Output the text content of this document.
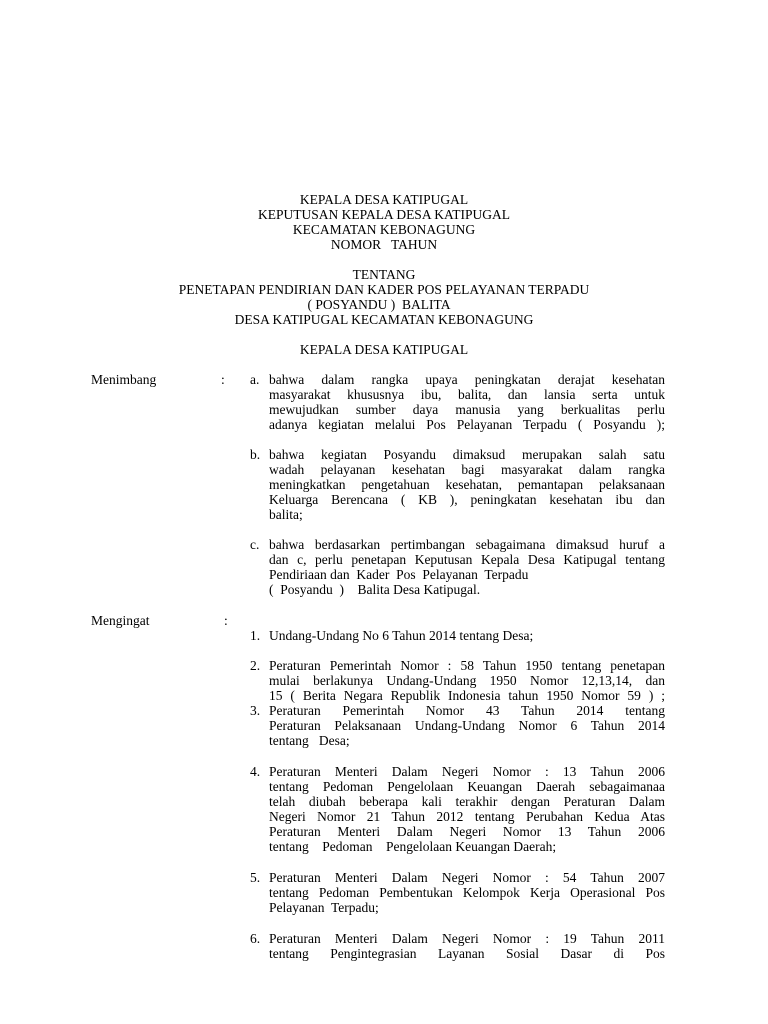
KEPALA DESA KATIPUGAL
KEPUTUSAN KEPALA DESA KATIPUGAL
KECAMATAN KEBONAGUNG
NOMOR   TAHUN
TENTANG
PENETAPAN PENDIRIAN DAN KADER POS PELAYANAN TERPADU
( POSYANDU )  BALITA
DESA KATIPUGAL KECAMATAN KEBONAGUNG
KEPALA DESA KATIPUGAL
Menimbang	: a. bahwa dalam rangka upaya peningkatan derajat kesehatan
masyarakat khususnya ibu, balita, dan lansia serta untuk
mewujudkan sumber daya manusia yang berkualitas perlu
adanya kegiatan melalui Pos Pelayanan Terpadu ( Posyandu );
b. bahwa kegiatan Posyandu dimaksud merupakan salah satu
wadah pelayanan kesehatan bagi masyarakat dalam rangka
meningkatkan pengetahuan kesehatan, pemantapan pelaksanaan
Keluarga Berencana ( KB ), peningkatan kesehatan ibu dan
balita;
c. bahwa berdasarkan pertimbangan sebagaimana dimaksud huruf a
dan c, perlu penetapan Keputusan Kepala Desa Katipugal tentang
Pendiriaan dan  Kader  Pos  Pelayanan  Terpadu
(  Posyandu  )    Balita Desa Katipugal.
Mengingat	:
1. Undang-Undang No 6 Tahun 2014 tentang Desa;
2. Peraturan Pemerintah Nomor : 58 Tahun 1950 tentang penetapan
mulai berlakunya Undang-Undang 1950 Nomor 12,13,14, dan
15 ( Berita Negara Republik Indonesia tahun 1950 Nomor 59 ) ;
3. Peraturan Pemerintah Nomor 43 Tahun 2014 tentang
Peraturan Pelaksanaan Undang-Undang Nomor 6 Tahun 2014
tentang   Desa;
4. Peraturan Menteri Dalam Negeri Nomor : 13 Tahun 2006
tentang Pedoman Pengelolaan Keuangan Daerah sebagaimanaa
telah diubah beberapa kali terakhir dengan Peraturan Dalam
Negeri Nomor 21 Tahun 2012 tentang Perubahan Kedua Atas
Peraturan Menteri Dalam Negeri Nomor 13 Tahun 2006
tentang    Pedoman    Pengelolaan Keuangan Daerah;
5. Peraturan Menteri Dalam Negeri Nomor : 54 Tahun 2007
tentang Pedoman Pembentukan Kelompok Kerja Operasional Pos
Pelayanan  Terpadu;
6. Peraturan Menteri Dalam Negeri Nomor : 19 Tahun 2011
tentang Pengintegrasian Layanan Sosial Dasar di Pos
